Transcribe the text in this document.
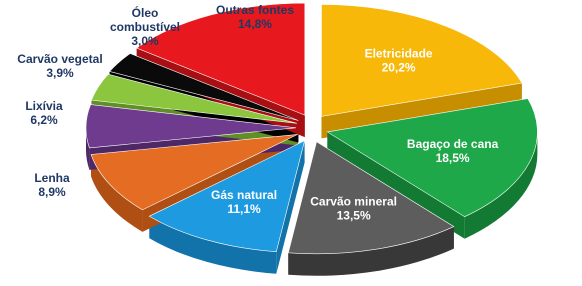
Eletricidade 20,2%
Bagaço de cana 18,5%
Carvão mineral 13,5%
Gás natural 11,1%
Lenha 8,9%
Lixívia 6,2%
Carvão vegetal 3,9%
Óleo combustível 3,0%
Outras fontes 14,8%
